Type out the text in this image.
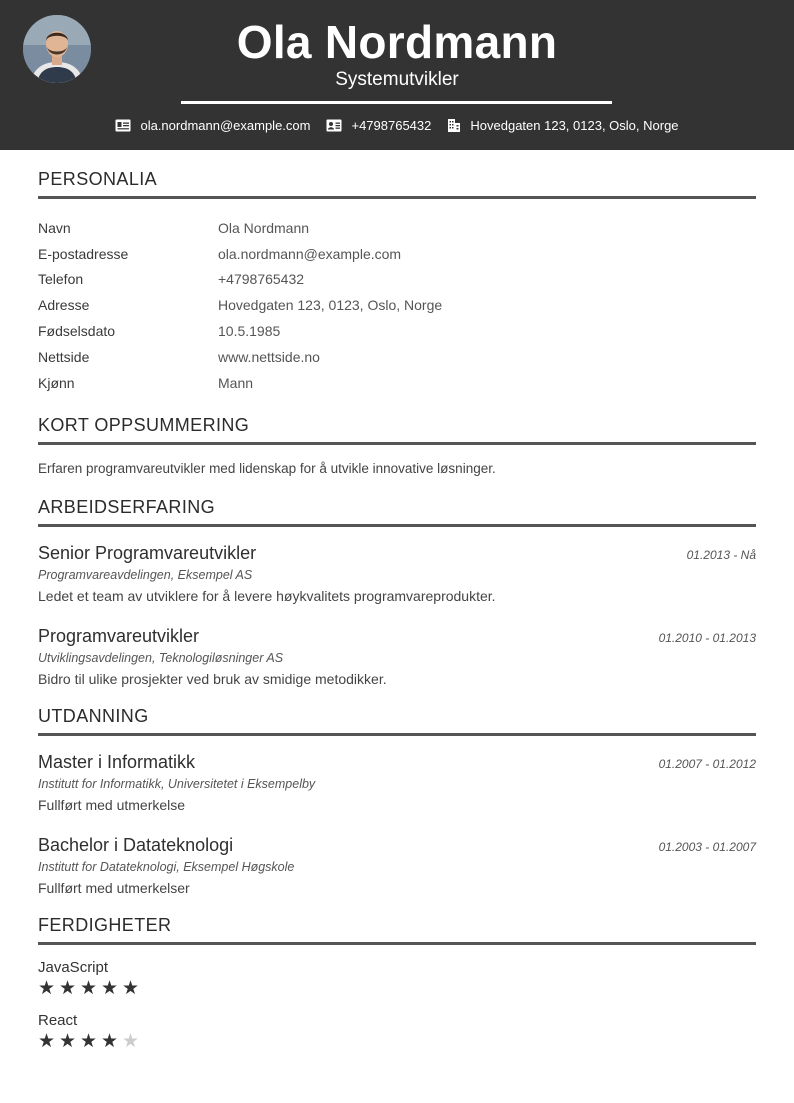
Ola Nordmann
Systemutvikler
ola.nordmann@example.com	+4798765432	Hovedgaten 123, 0123, Oslo, Norge
PERSONALIA
Navn	Ola Nordmann
E-postadresse	ola.nordmann@example.com
Telefon	+4798765432
Adresse	Hovedgaten 123, 0123, Oslo, Norge
Fødselsdato	10.5.1985
Nettside	www.nettside.no
Kjønn	Mann
KORT OPPSUMMERING
Erfaren programvareutvikler med lidenskap for å utvikle innovative løsninger.
ARBEIDSERFARING
Senior Programvareutvikler	01.2013 - Nå
Programvareavdelingen, Eksempel AS
Ledet et team av utviklere for å levere høykvalitets programvareprodukter.
Programvareutvikler	01.2010 - 01.2013
Utviklingsavdelingen, Teknologiløsninger AS
Bidro til ulike prosjekter ved bruk av smidige metodikker.
UTDANNING
Master i Informatikk	01.2007 - 01.2012
Institutt for Informatikk, Universitetet i Eksempelby
Fullført med utmerkelse
Bachelor i Datateknologi	01.2003 - 01.2007
Institutt for Datateknologi, Eksempel Høgskole
Fullført med utmerkelser
FERDIGHETER
JavaScript
★ ★ ★ ★ ★
React
★ ★ ★ ★ ★
